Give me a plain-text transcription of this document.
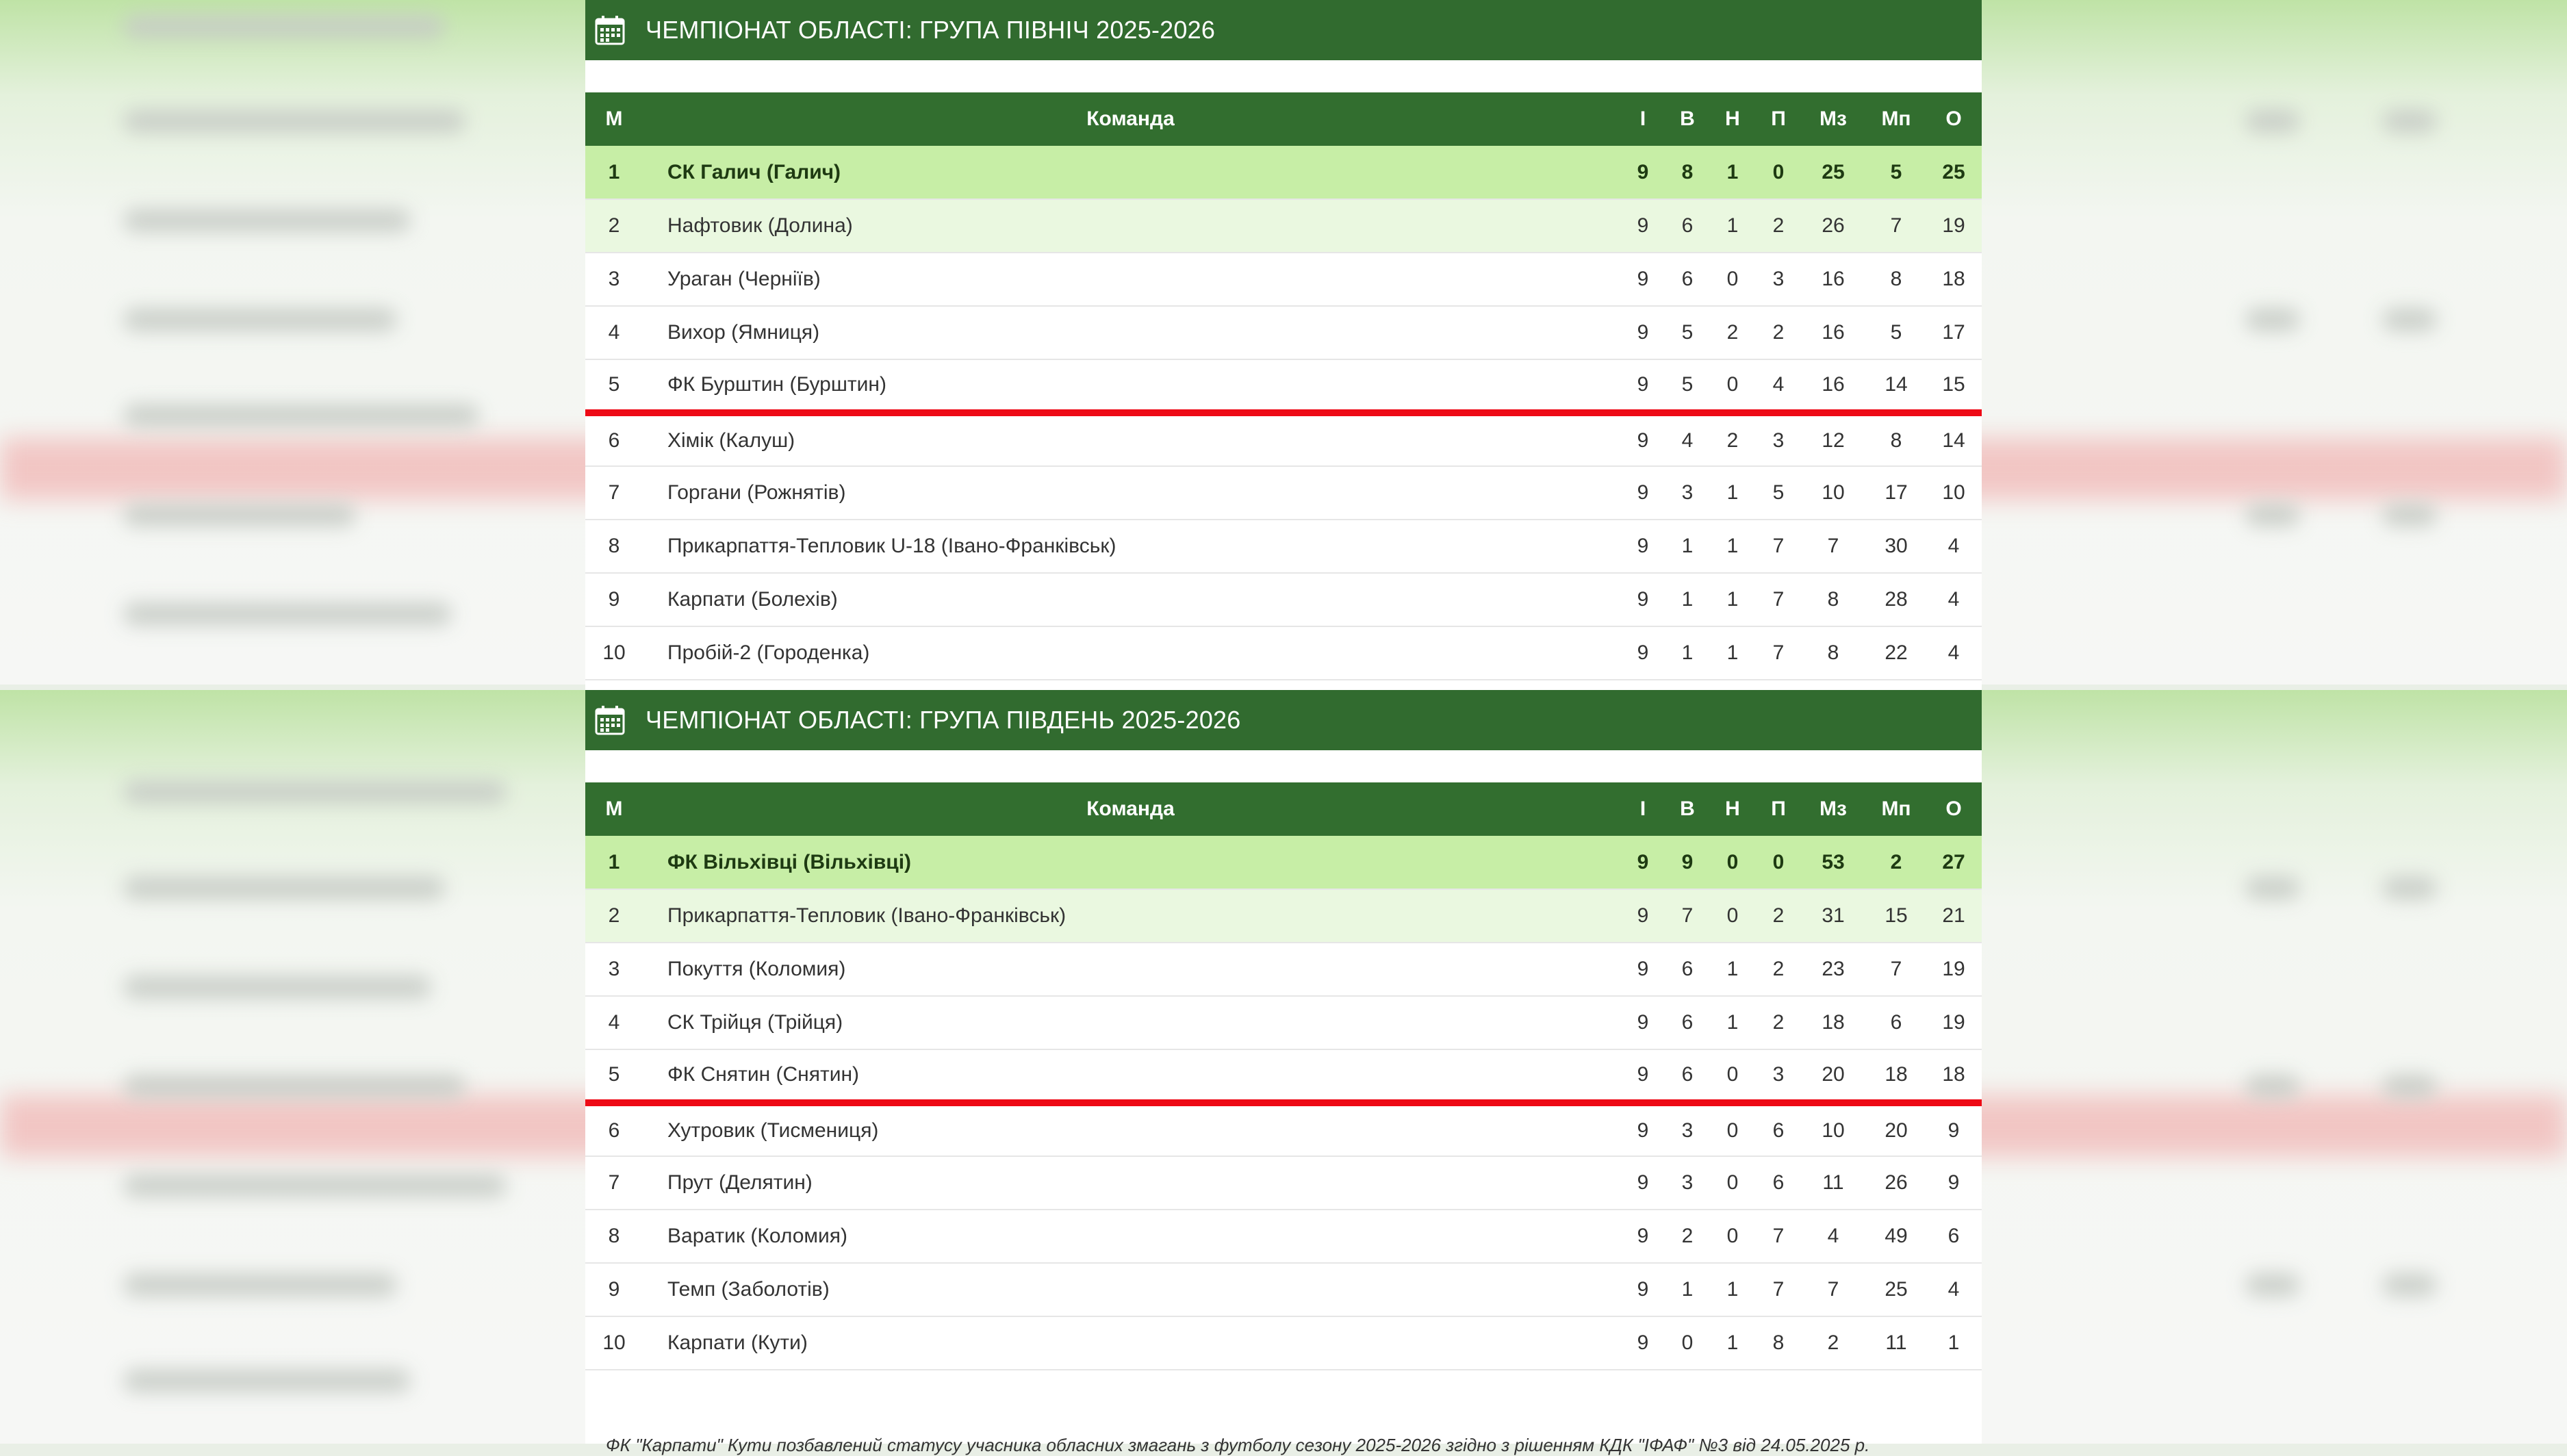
ЧЕМПІОНАТ ОБЛАСТІ: ГРУПА ПІВНІЧ 2025-2026
М	Команда	І	В	Н	П	Мз	Мп	О
1	СК Галич (Галич)	9	8	1	0	25	5	25
2	Нафтовик (Долина)	9	6	1	2	26	7	19
3	Ураган (Черніїв)	9	6	0	3	16	8	18
4	Вихор (Ямниця)	9	5	2	2	16	5	17
5	ФК Бурштин (Бурштин)	9	5	0	4	16	14	15
6	Хімік (Калуш)	9	4	2	3	12	8	14
7	Горгани (Рожнятів)	9	3	1	5	10	17	10
8	Прикарпаття-Тепловик U-18 (Івано-Франківськ)	9	1	1	7	7	30	4
9	Карпати (Болехів)	9	1	1	7	8	28	4
10	Пробій-2 (Городенка)	9	1	1	7	8	22	4
ЧЕМПІОНАТ ОБЛАСТІ: ГРУПА ПІВДЕНЬ 2025-2026
М	Команда	І	В	Н	П	Мз	Мп	О
1	ФК Вільхівці (Вільхівці)	9	9	0	0	53	2	27
2	Прикарпаття-Тепловик (Івано-Франківськ)	9	7	0	2	31	15	21
3	Покуття (Коломия)	9	6	1	2	23	7	19
4	СК Трійця (Трійця)	9	6	1	2	18	6	19
5	ФК Снятин (Снятин)	9	6	0	3	20	18	18
6	Хутровик (Тисмениця)	9	3	0	6	10	20	9
7	Прут (Делятин)	9	3	0	6	11	26	9
8	Варатик (Коломия)	9	2	0	7	4	49	6
9	Темп (Заболотів)	9	1	1	7	7	25	4
10	Карпати (Кути)	9	0	1	8	2	11	1
ФК "Карпати" Кути позбавлений статусу учасника обласних змагань з футболу сезону 2025-2026 згідно з рішенням КДК "ІФАФ" №3 від 24.05.2025 р.
